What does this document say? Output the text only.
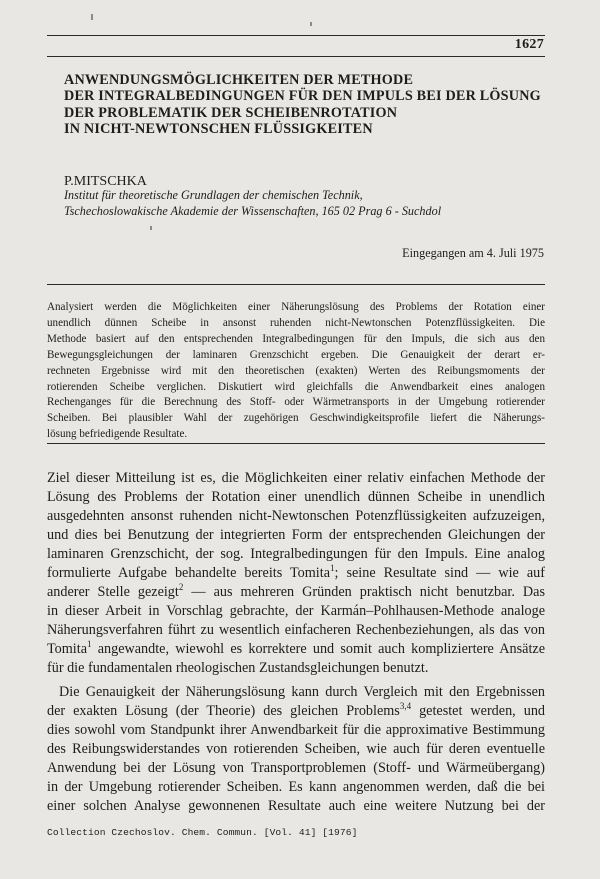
1627
ANWENDUNGSMÖGLICHKEITEN DER METHODE
DER INTEGRALBEDINGUNGEN FÜR DEN IMPULS BEI DER LÖSUNG
DER PROBLEMATIK DER SCHEIBENROTATION
IN NICHT-NEWTONSCHEN FLÜSSIGKEITEN
P.MITSCHKA
Institut für theoretische Grundlagen der chemischen Technik,
Tschechoslowakische Akademie der Wissenschaften, 165 02 Prag 6 - Suchdol
Eingegangen am 4. Juli 1975
Analysiert werden die Möglichkeiten einer Näherungslösung des Problems der Rotation einer
unendlich dünnen Scheibe in ansonst ruhenden nicht-Newtonschen Potenzflüssigkeiten. Die
Methode basiert auf den entsprechenden Integralbedingungen für den Impuls, die sich aus den
Bewegungsgleichungen der laminaren Grenzschicht ergeben. Die Genauigkeit der derart er-
rechneten Ergebnisse wird mit den theoretischen (exakten) Werten des Reibungsmoments der
rotierenden Scheibe verglichen. Diskutiert wird gleichfalls die Anwendbarkeit eines analogen
Rechenganges für die Berechnung des Stoff- oder Wärmetransports in der Umgebung rotierender
Scheiben. Bei plausibler Wahl der zugehörigen Geschwindigkeitsprofile liefert die Näherungs-
lösung befriedigende Resultate.

Ziel dieser Mitteilung ist es, die Möglichkeiten einer relativ einfachen Methode der
Lösung des Problems der Rotation einer unendlich dünnen Scheibe in unendlich
ausgedehnten ansonst ruhenden nicht-Newtonschen Potenzflüssigkeiten aufzuzeigen,
und dies bei Benutzung der integrierten Form der entsprechenden Gleichungen der
laminaren Grenzschicht, der sog. Integralbedingungen für den Impuls. Eine analog
formulierte Aufgabe behandelte bereits Tomita$^1$; seine Resultate sind — wie auf
anderer Stelle gezeigt$^2$ — aus mehreren Gründen praktisch nicht benutzbar. Das
in dieser Arbeit in Vorschlag gebrachte, der Karmán–Pohlhausen-Methode analoge
Näherungsverfahren führt zu wesentlich einfacheren Rechenbeziehungen, als das von
Tomita$^1$ angewandte, wiewohl es korrektere und somit auch kompliziertere Ansätze
für die fundamentalen rheologischen Zustandsgleichungen benutzt.

Die Genauigkeit der Näherungslösung kann durch Vergleich mit den Ergebnissen
der exakten Lösung (der Theorie) des gleichen Problems$^{3,4}$ getestet werden, und
dies sowohl vom Standpunkt ihrer Anwendbarkeit für die approximative Bestimmung
des Reibungswiderstandes von rotierenden Scheiben, wie auch für deren eventuelle
Anwendung bei der Lösung von Transportproblemen (Stoff- und Wärmeübergang)
in der Umgebung rotierender Scheiben. Es kann angenommen werden, daß die bei
einer solchen Analyse gewonnenen Resultate auch eine weitere Nutzung bei der

Collection Czechoslov. Chem. Commun. [Vol. 41] [1976]
